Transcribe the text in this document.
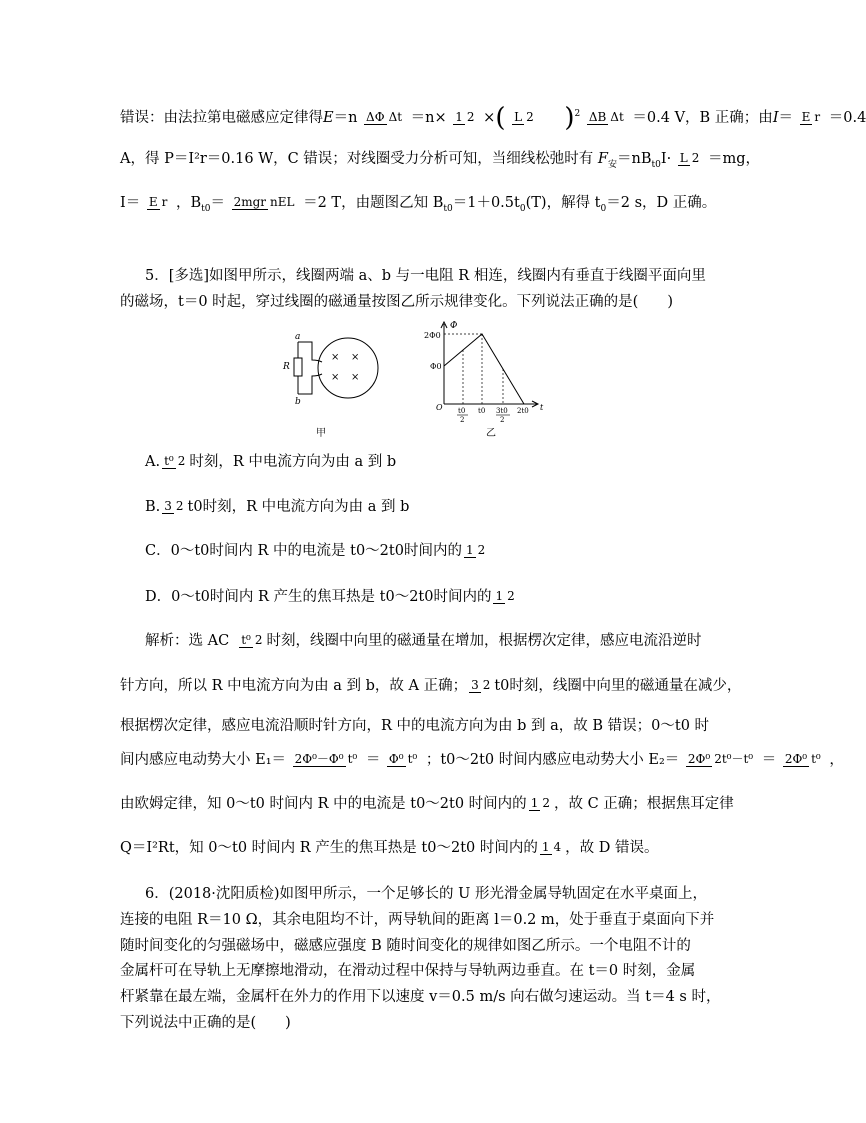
错误：由法拉第电磁感应定律得E＝n ΔΦ Δt ＝n× 1 2 ×( L 2 )$^2$ ΔB Δt ＝0.4 V，B 正确；由I＝ E r ＝0.4
A，得 P＝I²r＝0.16 W，C 错误；对线圈受力分析可知，当细线松弛时有 $F_安=nB_{t0}I\cdot L$ 2 ＝mg，
I＝ E r ，$B_{t0}= 2mgr$ nEL ＝2 T，由题图乙知 $B_{t0}=1+0.5t_0(T)$，解得 $t_0=2$ s，D 正确。
5．[多选]如图甲所示，线圈两端 a、b 与一电阻 R 相连，线圈内有垂直于线圈平面向里
的磁场，t＝0 时起，穿过线圈的磁通量按图乙所示规律变化。下列说法正确的是(　　)
a
b
R
× ×
× ×
甲
Φ
2Φ0
Φ0
O	t
t0
2
t0 3t0
2
2t0
乙
A. t⁰ 2 时刻，R 中电流方向为由 a 到 b
B. 3 2 t0时刻，R 中电流方向为由 a 到 b
C．0～t0时间内 R 中的电流是 t0～2t0时间内的 1 2
D．0～t0时间内 R 产生的焦耳热是 t0～2t0时间内的 1 2
解析：选 AC t⁰ 2 时刻，线圈中向里的磁通量在增加，根据楞次定律，感应电流沿逆时
针方向，所以 R 中电流方向为由 a 到 b，故 A 正确； 3 2 t0时刻，线圈中向里的磁通量在减少，
根据楞次定律，感应电流沿顺时针方向，R 中的电流方向为由 b 到 a，故 B 错误；0～t0 时
间内感应电动势大小 E₁＝ 2Φ⁰－Φ⁰ t⁰ ＝ Φ⁰ t⁰ ；t0～2t0 时间内感应电动势大小 E₂＝ 2Φ⁰ 2t⁰－t⁰ ＝ 2Φ⁰ t⁰ ，
由欧姆定律，知 0～t0 时间内 R 中的电流是 t0～2t0 时间内的 1 2 ，故 C 正确；根据焦耳定律
Q＝I²Rt，知 0～t0 时间内 R 产生的焦耳热是 t0～2t0 时间内的 1 4 ，故 D 错误。
6．(2018·沈阳质检)如图甲所示，一个足够长的 U 形光滑金属导轨固定在水平桌面上，
连接的电阻 R＝10 Ω，其余电阻均不计，两导轨间的距离 l＝0.2 m，处于垂直于桌面向下并
随时间变化的匀强磁场中，磁感应强度 B 随时间变化的规律如图乙所示。一个电阻不计的
金属杆可在导轨上无摩擦地滑动，在滑动过程中保持与导轨两边垂直。在 t＝0 时刻，金属
杆紧靠在最左端，金属杆在外力的作用下以速度 v＝0.5 m/s 向右做匀速运动。当 t＝4 s 时，
下列说法中正确的是(　　)
